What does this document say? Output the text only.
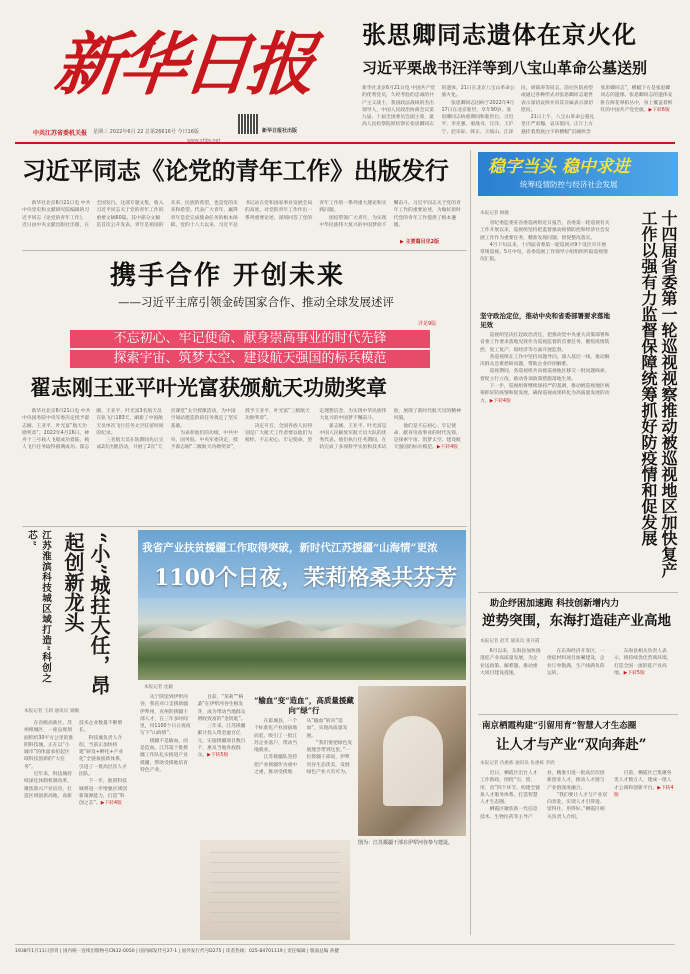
新华日报
中共江苏省委机关报 星期三 2022年6月 22 总第26616号 今日16版	新华日报社出版
张思卿同志遗体在京火化
习近平栗战书汪洋等到八宝山革命公墓送别

新华社北京6月21日电 中国共产党的优秀党员，久经考验的忠诚的共产主义战士，我国政法战线的杰出领导人，中国人民政治协商会议第九届、十届全国委员会副主席，最高人民检察院原检察长张思卿同志的遗体，21日在北京八宝山革命公墓火化。

张思卿同志因病于2022年4月17日在北京逝世，享年90岁。张思卿同志病重期间和逝世后，习近平、李克强、栗战书、汪洋、王沪宁、赵乐际、韩正、王岐山、江泽民、胡锦涛等同志，前往医院看望或通过各种形式对张思卿同志逝世表示深切哀悼并向其亲属表示深切慰问。

21日上午，八宝山革命公墓礼堂庄严肃穆，哀乐低回。正厅上方悬挂着黑底白字的横幅“沉痛悼念张思卿同志”，横幅下方是张思卿同志的遗像。张思卿同志的遗体安卧在鲜花翠柏丛中，身上覆盖着鲜红的中国共产党党旗。▶下转6版

习近平同志《论党的青年工作》出版发行

新华社北京6月21日电 中共中央党史和文献研究院编辑的习近平同志《论党的青年工作》，近日由中央文献出版社出版，在全国发行。这部专题文集，收入习近平同志关于党的青年工作的重要文稿60篇。其中部分文稿是首次公开发表。青年是祖国的未来、民族的希望，也是党的未来和希望。代表广大青年、赢得青年是党完成使命任务的根本保障。党的十八大以来，习近平总书记站在党和国家事业发展全局的高度，对党的青年工作作出一系列重要论述，深刻回答了党的青年工作的一系列重大理论和实践问题。

团结带领广大青年，为实现中华民族伟大复兴的中国梦而不懈奋斗。习近平同志关于党的青年工作的重要论述，为做好新时代党的青年工作提供了根本遵循。

▶ 主要篇目见2版
携手合作 开创未来
——习近平主席引领金砖国家合作、推动全球发展述评
详见9版
不忘初心、牢记使命、献身崇高事业的时代先锋
探索宇宙、筑梦太空、建设航天强国的标兵模范
翟志刚王亚平叶光富获颁航天功勋奖章

新华社北京6月21日电 中共中央国务院中央军委决定授予翟志刚、王亚平、叶光富“航天功勋奖章”。2022年4月16日，神舟十三号载人飞船成功着陆，载人飞行任务取得圆满成功。翟志刚、王亚平、叶光富3名航天员在轨飞行183天，刷新了中国航天员单次飞行任务太空驻留时间的纪录。

三名航天员在轨期间先后完成2次出舱活动，开展了2次“天宫课堂”太空授课活动，为中国空间站建造阶段任务奠定了坚实基础。

为表彰他们的功绩，中共中央、国务院、中央军委决定，授予翟志刚“二级航天功勋奖章”，授予王亚平、叶光富“三级航天功勋奖章”。

决定号召，全国各族人民特别是广大航天工作者要以他们为榜样，不忘初心、牢记使命，坚定理想信念，为实现中华民族伟大复兴的中国梦不懈奋斗。

翟志刚、王亚平、叶光富是中国人民解放军航天员大队的优秀代表。他们执行任务期间，在轨完成了多项科学实验和技术试验，展现了新时代航天员的精神风貌。

他们是不忘初心、牢记使命、献身崇高事业的时代先锋，是探索宇宙、筑梦太空、建设航天强国的标兵模范。▶下转4版

江苏淮滨科技城区域打造“科创之芯”	“小”城拄大任，昂起创新龙头
本报记者 王莉 通讯员 梁剛

在省级高新区、苏州相城区，一座总规划面积约30平方公里的淮阴科技城，正在以“小城市”的体量承担起区域科技创新的“大任务”。

近年来，科技城持续深化体制机制改革，聚焦新兴产业培育，打造区域创新高地，高新技术企业数量不断增长。

科技城负责人介绍，当前正加快构建“研发+孵化+产业化”全链条创新体系，引进了一批高层次人才团队。

下一步，淮阴科技城将进一步增强区域创新策源能力，打造“科创之芯”。▶下转4版

我省产业扶贫援疆工作取得突破，新时代江苏援疆“山海情”更浓
1100个日夜，茉莉格桑共芬芳
本报记者 沈颖

从宁陕馆到伊犁河谷，我省对口支援新疆伊犁州、克州的援疆干部人才，在三年多时间里，用1100个日日夜夜写下“山海情”。

援疆不是输血，而是造血。江苏第十批援疆工作队扎实推进产业援疆，帮助受援地培育特色产业。

目前，“茉莉”“格桑”在伊犁河谷生根发芽，成为带动当地群众增收致富的“金钥匙”。

三年来，江苏援疆累计投入资金逾百亿元，实施援疆项目数百个，惠及当地各族群众。▶下转5版

“输血”变“造血”，高质量援藏向“绿”行

在霍城县，一个个标准化产业园拔地而起，吸引了一批江苏企业落户，带动当地就业。

江苏援疆队坚持把产业援疆作为重中之重，推动受援地从“输血”转向“造血”，实现高质量发展。

“我们要把绿色发展理念带到这里。”一位援疆干部说，伊犁河谷生态优美，发展绿色产业大有可为。

图为：江苏援疆干部在伊犁河谷参与建设。
稳字当头 稳中求进
统筹疫情防控与经济社会发展
本报记者 顾敏

省纪委监委驻省委巡视组近日报告，省委第一轮巡视有关工作开展以来，巡视组坚持把监督推动疫情防控和经济社会发展工作作为重要任务，精准发现问题、督促整改落实。

4月下旬以来，十四届省委第一轮巡视对9个设区市开展常规巡视。5月中旬，省委巡视工作领导小组组织听取巡视情况汇报。	十四届省委第一轮巡视视察推动被巡视地区加快复产工作以强有力监督保障统筹抓好防疫情和促发展
坚守政治定位，推动中央和省委部署要求落地见效

巡视组坚决扛起政治责任，把推动党中央重大决策部署和省委工作要求落地见效作为巡视监督的首要任务，聚焦疫情防控、复工复产、稳经济等方面开展监督。

各巡视组在工作中坚持问题导向，深入基层一线，推动解决群众急难愁盼问题，帮助企业纾困解难。

巡视期间，各巡视组共向被巡视地区移交一批问题线索，督促立行立改，推动各项政策措施落地生效。

下一步，巡视组将继续保持严的基调，推动被巡视地区统筹抓好防疫情和促发展，确保巡视成果转化为高质量发展的动力。▶下转4版

助企纾困加速跑 科技创新增内力
逆势突围，东海打造硅产业高地
本报记者 赵芳 通讯员 张开霞

6月以来，东海县加快推进硅产业高质量发展，为企业送政策、解难题，推动重大项目建设提速。

在东海经济开发区，一批硅材料项目加紧建设，企业订单饱满，生产线满负荷运转。

东海县相关负责人表示，将持续优化营商环境，打造全国一流的硅产业高地。▶下转5版

南京栖霞构建“引留用育”智慧人才生态圈
让人才与产业“双向奔赴”
本报记者 仇惠栋 通讯员 仇惠栋 李欣

近日，栖霞区出台人才工作新政，围绕“引、留、用、育”四个环节，构建全链条人才服务体系，打造智慧人才生态圈。

栖霞区聚焦新一代信息技术、生物医药等主导产业，精准引进一批高层次创新创业人才，推动人才链与产业链深度融合。

“我们要让人才与产业双向奔赴，实现人才引得进、留得住、用得好。”栖霞区相关负责人介绍。

目前，栖霞区已集聚各类人才数万人，建成一批人才公寓和创新平台。▶下转4版

1938年1月11日创刊 | 国内统一连续出版物号CN32-0050 | 国内邮发代号27-1 | 国外发行代号D275 | 读者热线：025-84701119 | 责任编辑 | 版面总编 孙健
